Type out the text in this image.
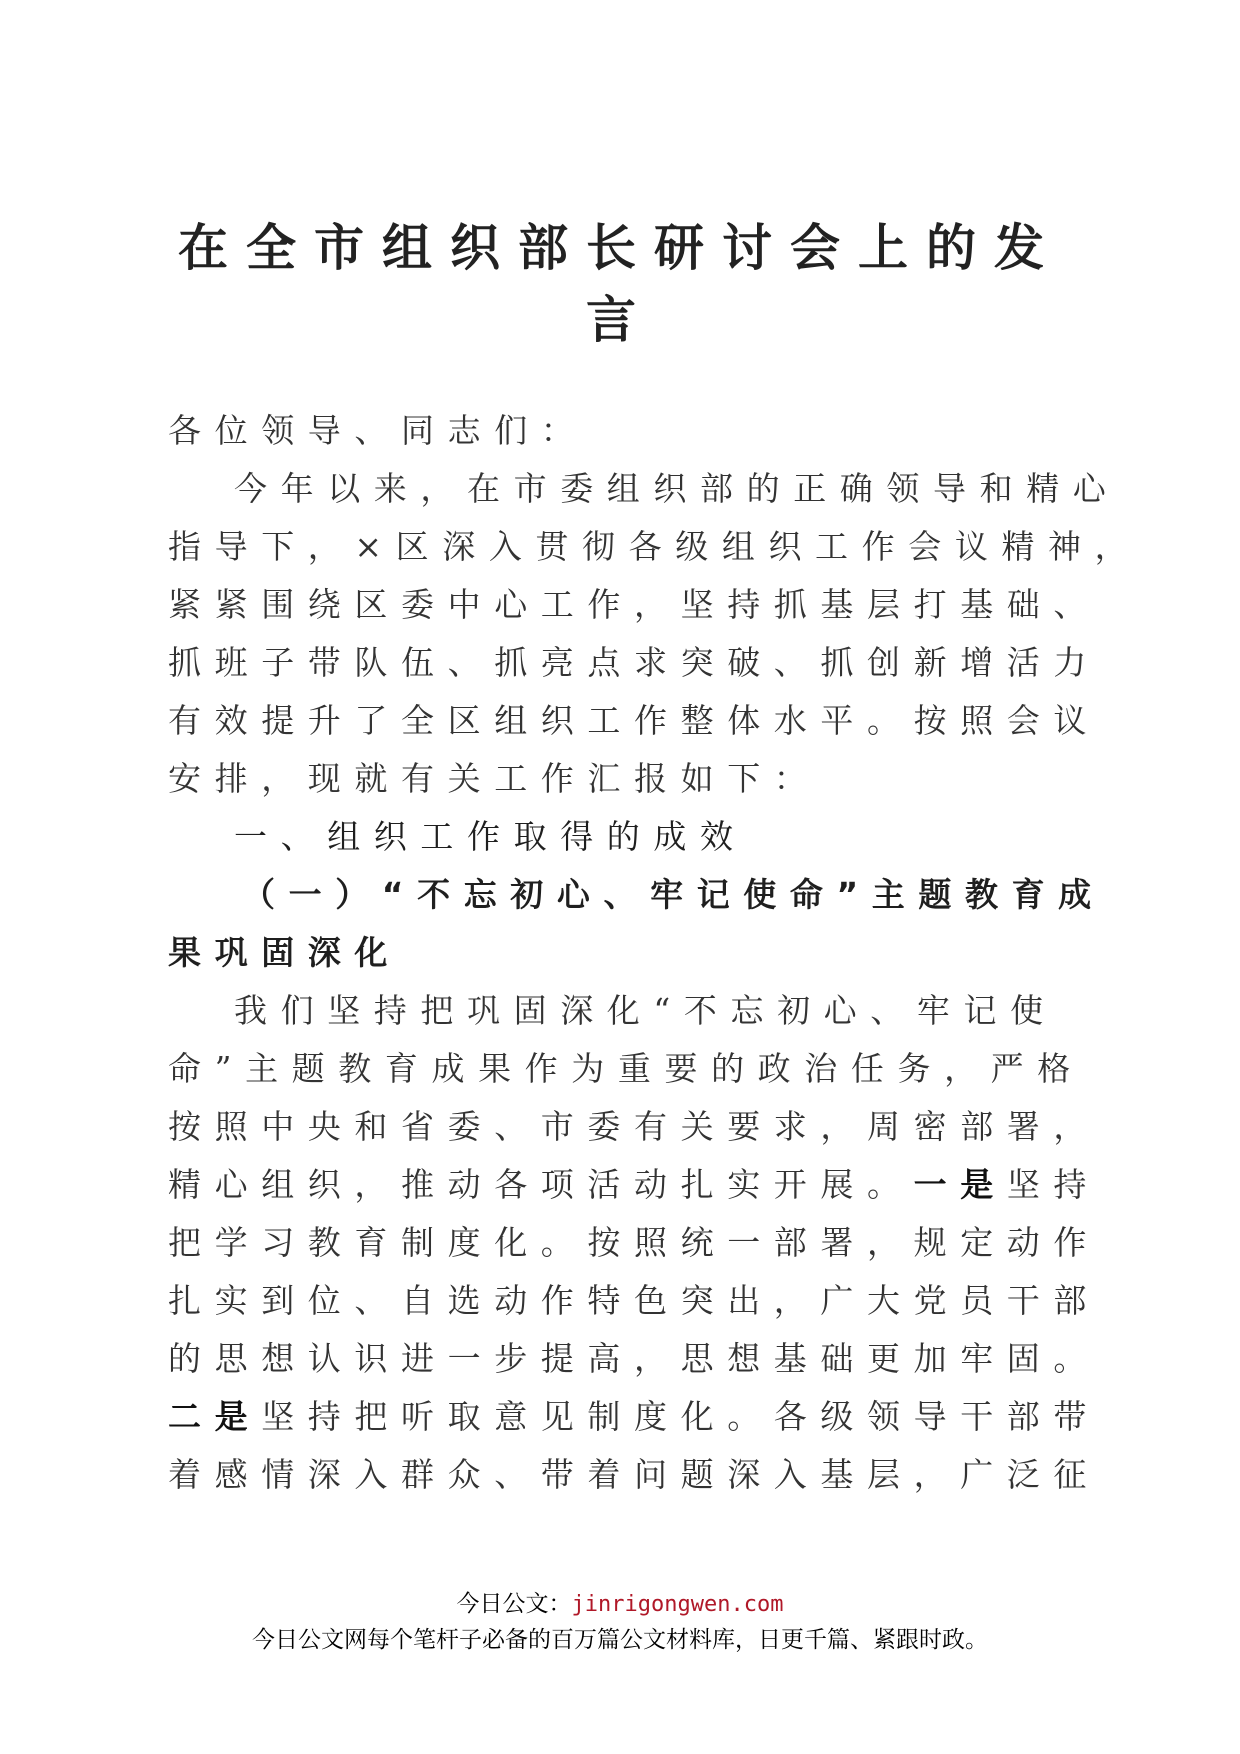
在全市组织部长研讨会上的发
言

各位领导、同志们：

今年以来，在市委组织部的正确领导和精心

指导下，×区深入贯彻各级组织工作会议精神，

紧紧围绕区委中心工作，坚持抓基层打基础、

抓班子带队伍、抓亮点求突破、抓创新增活力

有效提升了全区组织工作整体水平。按照会议

安排，现就有关工作汇报如下：

一、组织工作取得的成效

（一）“不忘初心、牢记使命”主题教育成

果巩固深化

我们坚持把巩固深化“不忘初心、牢记使

命”主题教育成果作为重要的政治任务，严格

按照中央和省委、市委有关要求，周密部署，

精心组织，推动各项活动扎实开展。一是坚持

把学习教育制度化。按照统一部署，规定动作

扎实到位、自选动作特色突出，广大党员干部

的思想认识进一步提高，思想基础更加牢固。

二是坚持把听取意见制度化。各级领导干部带

着感情深入群众、带着问题深入基层，广泛征

今日公文：jinrigongwen.com

今日公文网每个笔杆子必备的百万篇公文材料库，日更千篇、紧跟时政。
